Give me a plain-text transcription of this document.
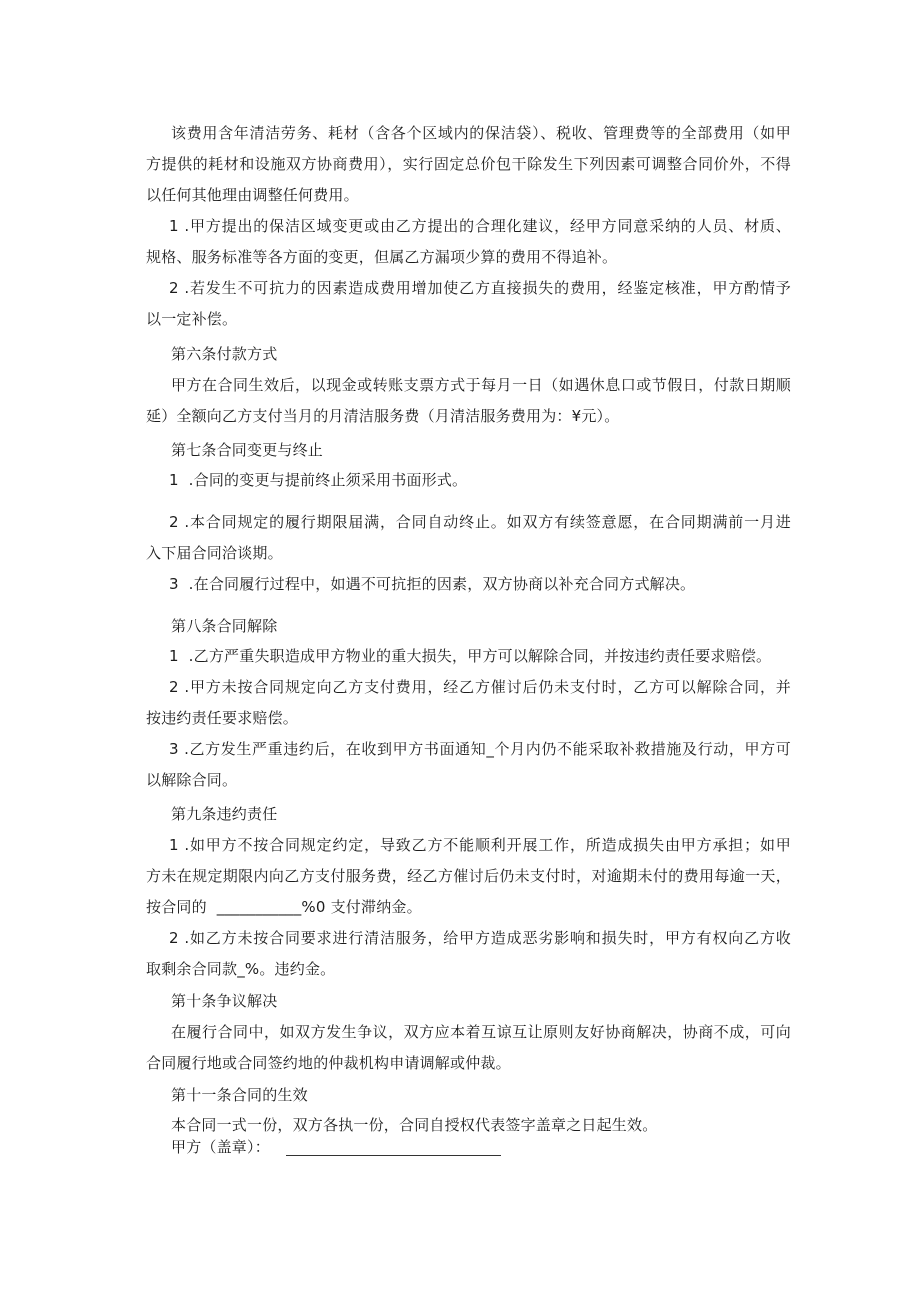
该费用含年清洁劳务、耗材（含各个区域内的保洁袋）、税收、管理费等的全部费用（如甲
方提供的耗材和设施双方协商费用），实行固定总价包干除发生下列因素可调整合同价外，不得
以任何其他理由调整任何费用。
1 .甲方提出的保洁区域变更或由乙方提出的合理化建议，经甲方同意采纳的人员、材质、
规格、服务标准等各方面的变更，但属乙方漏项少算的费用不得追补。
2 .若发生不可抗力的因素造成费用增加使乙方直接损失的费用，经鉴定核准，甲方酌情予
以一定补偿。
第六条付款方式
甲方在合同生效后，以现金或转账支票方式于每月一日（如遇休息口或节假日，付款日期顺
延）全额向乙方支付当月的月清洁服务费（月清洁服务费用为：¥元）。
第七条合同变更与终止
1  .合同的变更与提前终止须采用书面形式。
2 .本合同规定的履行期限届满，合同自动终止。如双方有续签意愿，在合同期满前一月进
入下届合同洽谈期。
3  .在合同履行过程中，如遇不可抗拒的因素，双方协商以补充合同方式解决。
第八条合同解除
1  .乙方严重失职造成甲方物业的重大损失，甲方可以解除合同，并按违约责任要求赔偿。
2 .甲方未按合同规定向乙方支付费用，经乙方催讨后仍未支付时，乙方可以解除合同，并
按违约责任要求赔偿。
3 .乙方发生严重违约后，在收到甲方书面通知_个月内仍不能采取补救措施及行动，甲方可
以解除合同。
第九条违约责任
1 .如甲方不按合同规定约定，导致乙方不能顺利开展工作，所造成损失由甲方承担；如甲
方未在规定期限内向乙方支付服务费，经乙方催讨后仍未支付时，对逾期未付的费用每逾一天，
按合同的  ___________%0 支付滞纳金。
2 .如乙方未按合同要求进行清洁服务，给甲方造成恶劣影响和损失时，甲方有权向乙方收
取剩余合同款_%。违约金。
第十条争议解决
在履行合同中，如双方发生争议，双方应本着互谅互让原则友好协商解决，协商不成，可向
合同履行地或合同签约地的仲裁机构申请调解或仲裁。
第十一条合同的生效
本合同一式一份，双方各执一份，合同自授权代表签字盖章之日起生效。
甲方（盖章）：
